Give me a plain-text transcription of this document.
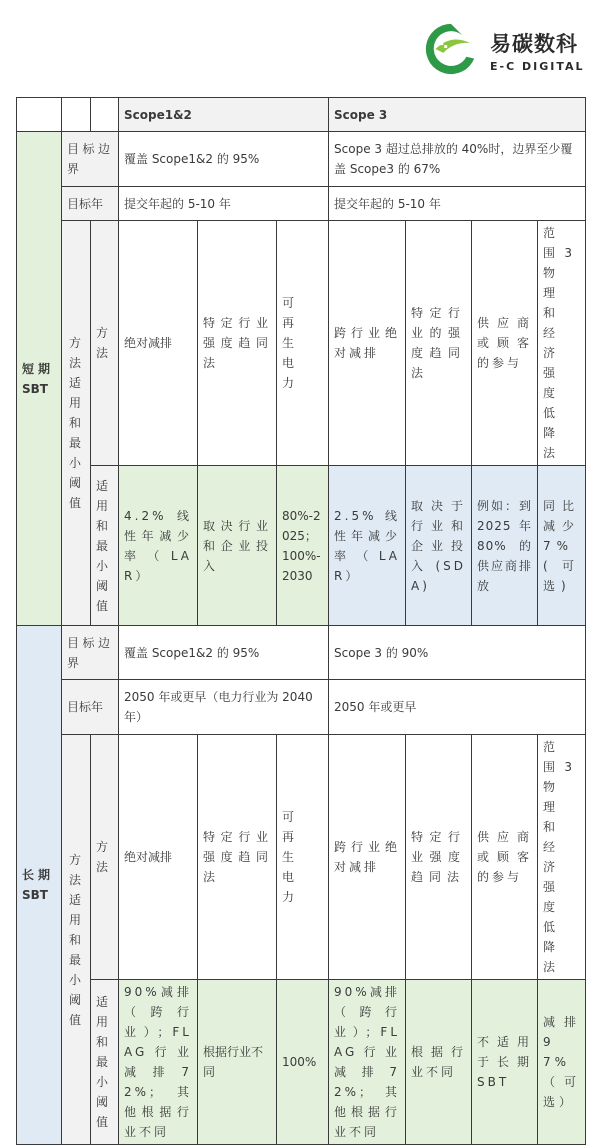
易碳数科
E-C DIGITAL
			Scope1&2			Scope 3			

短期
SBT	目标边界		覆盖 Scope1&2 的 95%			Scope 3 超过总排放的 40%时，边界至少覆盖 Scope3 的 67%			
	目标年		提交年起的 5-10 年			提交年起的 5-10 年			
	方法适用和最小阈值	方法	绝对减排	特定行业强度趋同法	可再生电力	跨行业绝对减排	特定行业的强度趋同法	供应商或顾客的参与	范围3物理和经济强度低降法
		适用和最小阈值	4.2%线性年减少率（LAR）	取决行业和企业投入	80%-2025；100%-2030	2.5%线性年减少率（LAR）	取决于行业和企业投入(SDA)	例如：到2025年80%的供应商排放	同比减少7%(可选)

长期
SBT	目标边界		覆盖 Scope1&2 的 95%			Scope 3 的 90%			
	目标年		2050 年或更早（电力行业为 2040 年）			2050 年或更早			
	方法适用和最小阈值	方法	绝对减排	特定行业强度趋同法	可再生电力	跨行业绝对减排	特定行业强度趋同法	供应商或顾客的参与	范围3物理和经济强度低降法
		适用和最小阈值	90%减排（跨行业）；FLAG行业减排72%；其他根据行业不同	根据行业不同	100%	90%减排（跨行业）；FLAG行业减排72%；其他根据行业不同	根据行业不同	不适用于长期SBT	减排97%（可选）
